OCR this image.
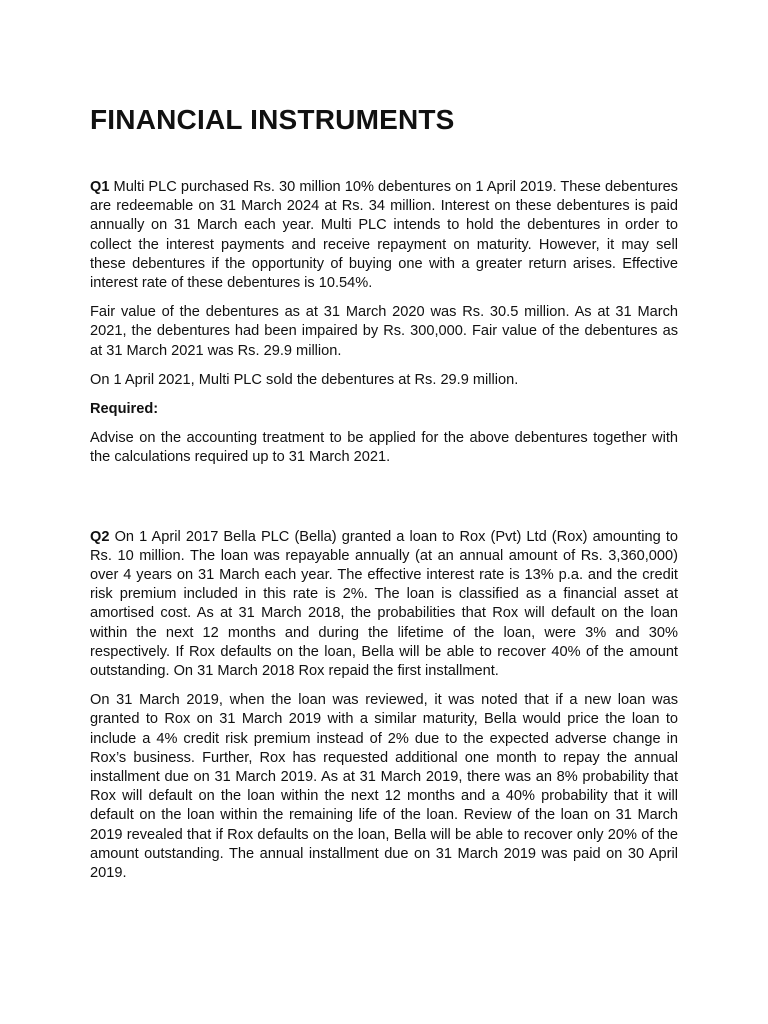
FINANCIAL INSTRUMENTS

Q1 Multi PLC purchased Rs. 30 million 10% debentures on 1 April 2019. These debentures are redeemable on 31 March 2024 at Rs. 34 million. Interest on these debentures is paid annually on 31 March each year. Multi PLC intends to hold the debentures in order to collect the interest payments and receive repayment on maturity. However, it may sell these debentures if the opportunity of buying one with a greater return arises. Effective interest rate of these debentures is 10.54%.

Fair value of the debentures as at 31 March 2020 was Rs. 30.5 million. As at 31 March 2021, the debentures had been impaired by Rs. 300,000. Fair value of the debentures as at 31 March 2021 was Rs. 29.9 million.

On 1 April 2021, Multi PLC sold the debentures at Rs. 29.9 million.

Required:

Advise on the accounting treatment to be applied for the above debentures together with the calculations required up to 31 March 2021.

Q2 On 1 April 2017 Bella PLC (Bella) granted a loan to Rox (Pvt) Ltd (Rox) amounting to Rs. 10 million. The loan was repayable annually (at an annual amount of Rs. 3,360,000) over 4 years on 31 March each year. The effective interest rate is 13% p.a. and the credit risk premium included in this rate is 2%. The loan is classified as a financial asset at amortised cost. As at 31 March 2018, the probabilities that Rox will default on the loan within the next 12 months and during the lifetime of the loan, were 3% and 30% respectively. If Rox defaults on the loan, Bella will be able to recover 40% of the amount outstanding. On 31 March 2018 Rox repaid the first installment.

On 31 March 2019, when the loan was reviewed, it was noted that if a new loan was granted to Rox on 31 March 2019 with a similar maturity, Bella would price the loan to include a 4% credit risk premium instead of 2% due to the expected adverse change in Rox’s business. Further, Rox has requested additional one month to repay the annual installment due on 31 March 2019. As at 31 March 2019, there was an 8% probability that Rox will default on the loan within the next 12 months and a 40% probability that it will default on the loan within the remaining life of the loan. Review of the loan on 31 March 2019 revealed that if Rox defaults on the loan, Bella will be able to recover only 20% of the amount outstanding. The annual installment due on 31 March 2019 was paid on 30 April 2019.
